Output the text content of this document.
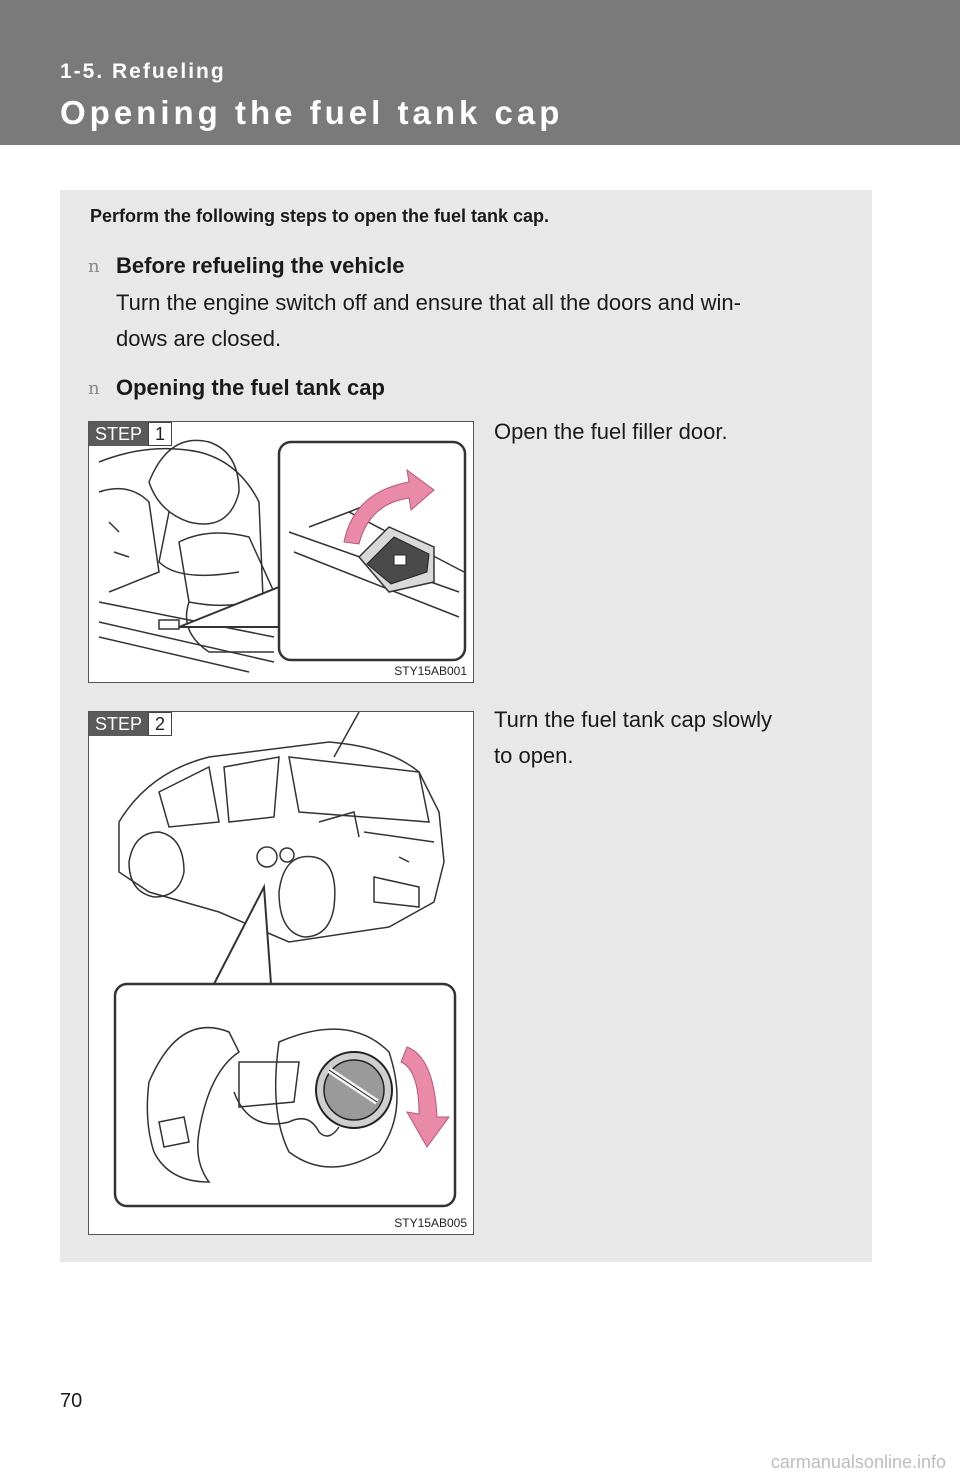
1-5. Refueling
Opening the fuel tank cap
Perform the following steps to open the fuel tank cap.
n Before refueling the vehicle
Turn the engine switch off and ensure that all the doors and win-
dows are closed.
n Opening the fuel tank cap
STEP 1
STY15AB001
Open the fuel filler door.
STEP 2
STY15AB005
Turn the fuel tank cap slowly
to open.
70
carmanualsonline.info
